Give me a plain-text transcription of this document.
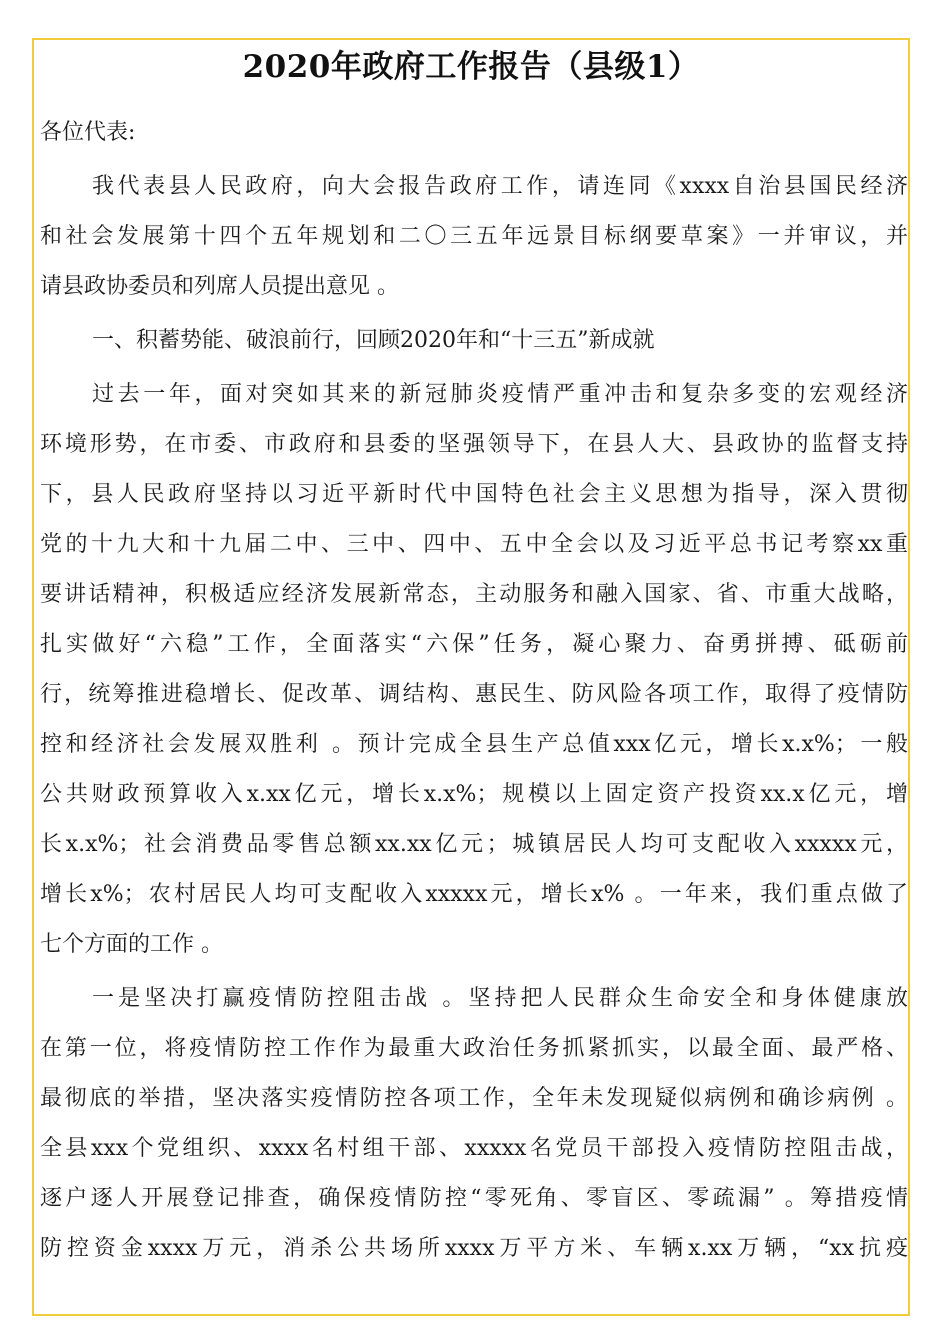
2020年政府工作报告（县级1）
各位代表:
我代表县人民政府，向大会报告政府工作，请连同《xxxx自治县国民经济
和社会发展第十四个五年规划和二〇三五年远景目标纲要草案》一并审议，并
请县政协委员和列席人员提出意见 。
一、积蓄势能、破浪前行，回顾2020年和“十三五”新成就
过去一年，面对突如其来的新冠肺炎疫情严重冲击和复杂多变的宏观经济
环境形势，在市委、市政府和县委的坚强领导下，在县人大、县政协的监督支持
下，县人民政府坚持以习近平新时代中国特色社会主义思想为指导，深入贯彻
党的十九大和十九届二中、三中、四中、五中全会以及习近平总书记考察xx重
要讲话精神，积极适应经济发展新常态，主动服务和融入国家、省、市重大战略，
扎实做好“六稳”工作，全面落实“六保”任务，凝心聚力、奋勇拼搏、砥砺前
行，统筹推进稳增长、促改革、调结构、惠民生、防风险各项工作，取得了疫情防
控和经济社会发展双胜利 。预计完成全县生产总值xxx亿元，增长x.x%；一般
公共财政预算收入x.xx亿元，增长x.x%；规模以上固定资产投资xx.x亿元，增
长x.x%；社会消费品零售总额xx.xx亿元；城镇居民人均可支配收入xxxxx元，
增长x%；农村居民人均可支配收入xxxxx元，增长x% 。一年来，我们重点做了
七个方面的工作 。
一是坚决打赢疫情防控阻击战 。坚持把人民群众生命安全和身体健康放
在第一位，将疫情防控工作作为最重大政治任务抓紧抓实，以最全面、最严格、
最彻底的举措，坚决落实疫情防控各项工作，全年未发现疑似病例和确诊病例 。
全县xxx个党组织、xxxx名村组干部、xxxxx名党员干部投入疫情防控阻击战，
逐户逐人开展登记排查，确保疫情防控“零死角、零盲区、零疏漏” 。筹措疫情
防控资金xxxx万元，消杀公共场所xxxx万平方米、车辆x.xx万辆，“xx抗疫
